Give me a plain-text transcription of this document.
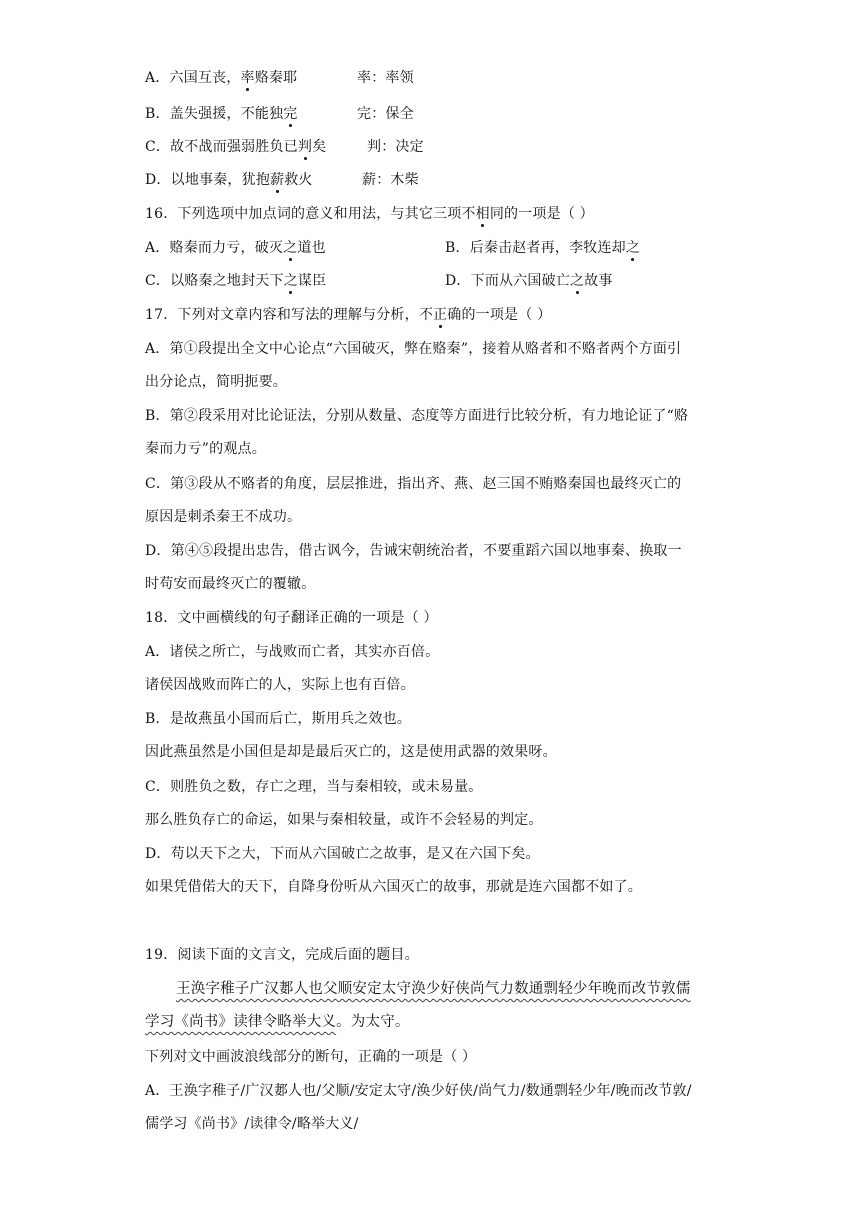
A．六国互丧，率赂秦耶	率：率领
B．盖失强援，不能独完	完：保全
C．故不战而强弱胜负已判矣	判：决定
D．以地事秦，犹抱薪救火	薪：木柴
16．下列选项中加点词的意义和用法，与其它三项不相同的一项是（ ）
A．赂秦而力亏，破灭之道也	B．后秦击赵者再，李牧连却之
C．以赂秦之地封天下之谋臣	D．下而从六国破亡之故事
17．下列对文章内容和写法的理解与分析，不正确的一项是（ ）
A．第①段提出全文中心论点“六国破灭，弊在赂秦”，接着从赂者和不赂者两个方面引
出分论点，简明扼要。
B．第②段采用对比论证法，分别从数量、态度等方面进行比较分析，有力地论证了“赂
秦而力亏”的观点。
C．第③段从不赂者的角度，层层推进，指出齐、燕、赵三国不贿赂秦国也最终灭亡的
原因是刺杀秦王不成功。
D．第④⑤段提出忠告，借古讽今，告诫宋朝统治者，不要重蹈六国以地事秦、换取一
时苟安而最终灭亡的覆辙。
18．文中画横线的句子翻译正确的一项是（ ）
A．诸侯之所亡，与战败而亡者，其实亦百倍。
诸侯因战败而阵亡的人，实际上也有百倍。
B．是故燕虽小国而后亡，斯用兵之效也。
因此燕虽然是小国但是却是最后灭亡的，这是使用武器的效果呀。
C．则胜负之数，存亡之理，当与秦相较，或未易量。
那么胜负存亡的命运，如果与秦相较量，或许不会轻易的判定。
D．苟以天下之大，下而从六国破亡之故事，是又在六国下矣。
如果凭借偌大的天下，自降身份听从六国灭亡的故事，那就是连六国都不如了。
19．阅读下面的文言文，完成后面的题目。
王涣字稚子广汉郪人也父顺安定太守涣少好侠尚气力数通剽轻少年晚而改节敦儒
学习《尚书》读律令略举大义。为太守。
下列对文中画波浪线部分的断句，正确的一项是（ ）
A．王涣字稚子/广汉郪人也/父顺/安定太守/涣少好侠/尚气力/数通剽轻少年/晚而改节敦/
儒学习《尚书》/读律令/略举大义/
